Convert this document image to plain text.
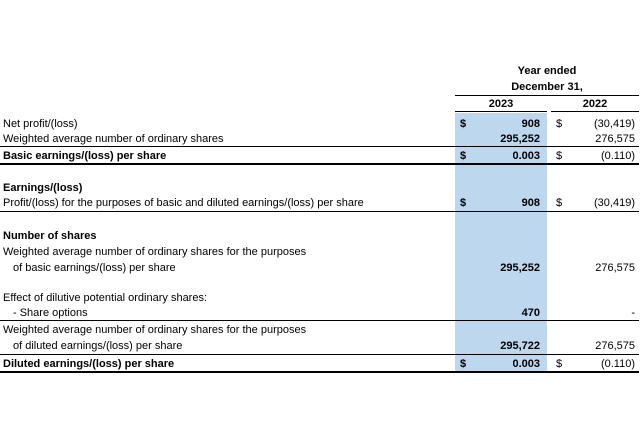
Year ended
December 31,
2023	2022
Net profit/(loss)	$	908 $	(30,419)
Weighted average number of ordinary shares	295,252	276,575
Basic earnings/(loss) per share	$	0.003 $	(0.110)
Earnings/(loss)
Profit/(loss) for the purposes of basic and diluted earnings/(loss) per share	$	908 $	(30,419)
Number of shares
Weighted average number of ordinary shares for the purposes
of basic earnings/(loss) per share	295,252	276,575
Effect of dilutive potential ordinary shares:
- Share options	470	-
Weighted average number of ordinary shares for the purposes
of diluted earnings/(loss) per share	295,722	276,575
Diluted earnings/(loss) per share	$	0.003 $	(0.110)
